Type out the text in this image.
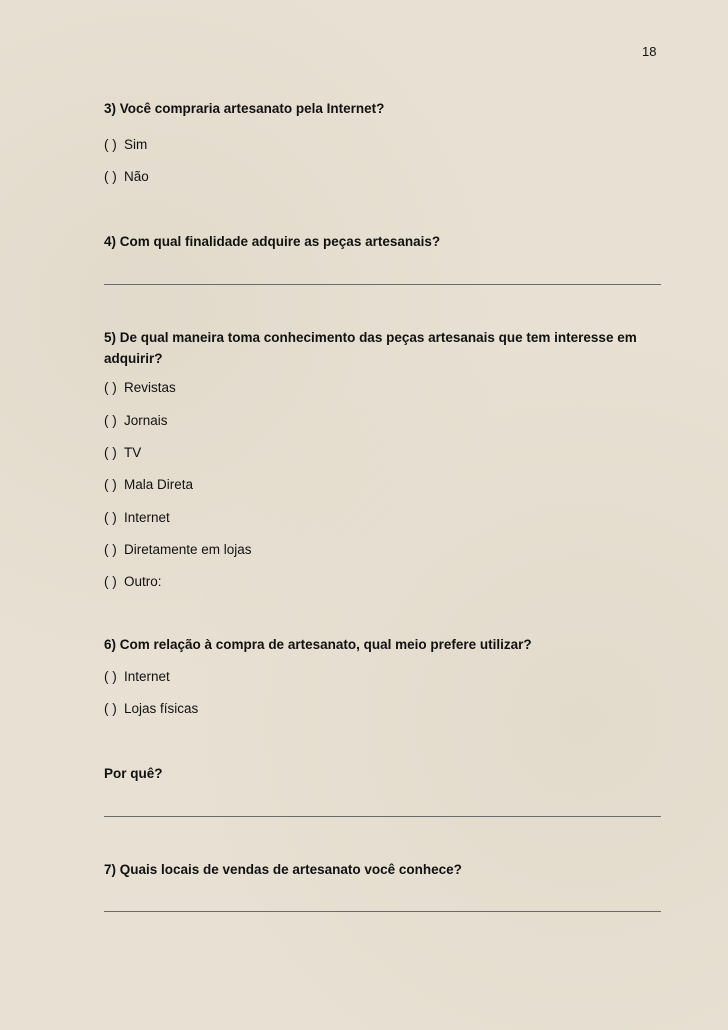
18
3) Você compraria artesanato pela Internet?
( ) Sim
( ) Não
4) Com qual finalidade adquire as peças artesanais?
5) De qual maneira toma conhecimento das peças artesanais que tem interesse em adquirir?
( ) Revistas
( ) Jornais
( ) TV
( ) Mala Direta
( ) Internet
( ) Diretamente em lojas
( ) Outro:
6) Com relação à compra de artesanato, qual meio prefere utilizar?
( ) Internet
( ) Lojas físicas
Por quê?
7) Quais locais de vendas de artesanato você conhece?
